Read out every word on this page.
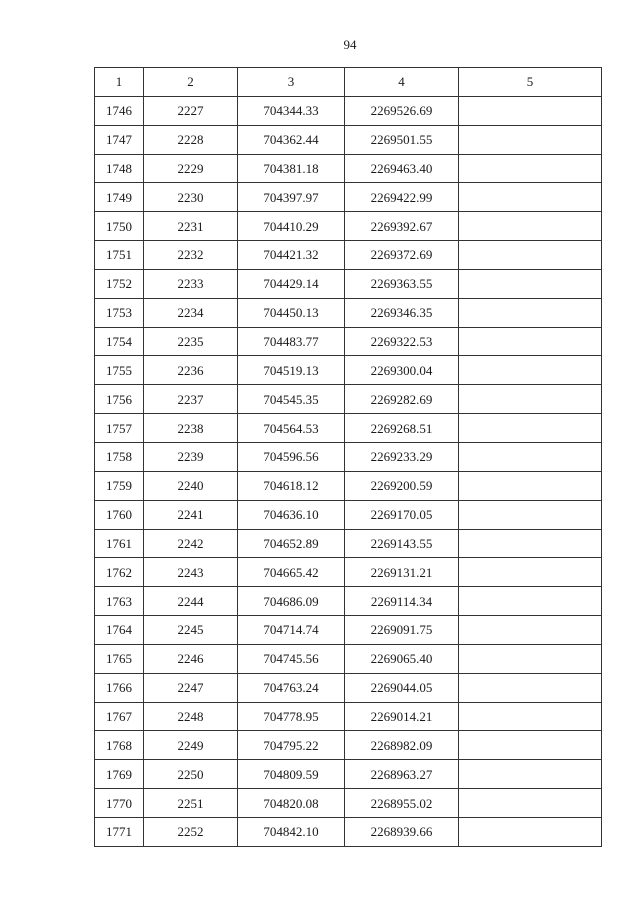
94
1	2	3	4	5
1746	2227	704344.33	2269526.69	
1747	2228	704362.44	2269501.55	
1748	2229	704381.18	2269463.40	
1749	2230	704397.97	2269422.99	
1750	2231	704410.29	2269392.67	
1751	2232	704421.32	2269372.69	
1752	2233	704429.14	2269363.55	
1753	2234	704450.13	2269346.35	
1754	2235	704483.77	2269322.53	
1755	2236	704519.13	2269300.04	
1756	2237	704545.35	2269282.69	
1757	2238	704564.53	2269268.51	
1758	2239	704596.56	2269233.29	
1759	2240	704618.12	2269200.59	
1760	2241	704636.10	2269170.05	
1761	2242	704652.89	2269143.55	
1762	2243	704665.42	2269131.21	
1763	2244	704686.09	2269114.34	
1764	2245	704714.74	2269091.75	
1765	2246	704745.56	2269065.40	
1766	2247	704763.24	2269044.05	
1767	2248	704778.95	2269014.21	
1768	2249	704795.22	2268982.09	
1769	2250	704809.59	2268963.27	
1770	2251	704820.08	2268955.02	
1771	2252	704842.10	2268939.66	
